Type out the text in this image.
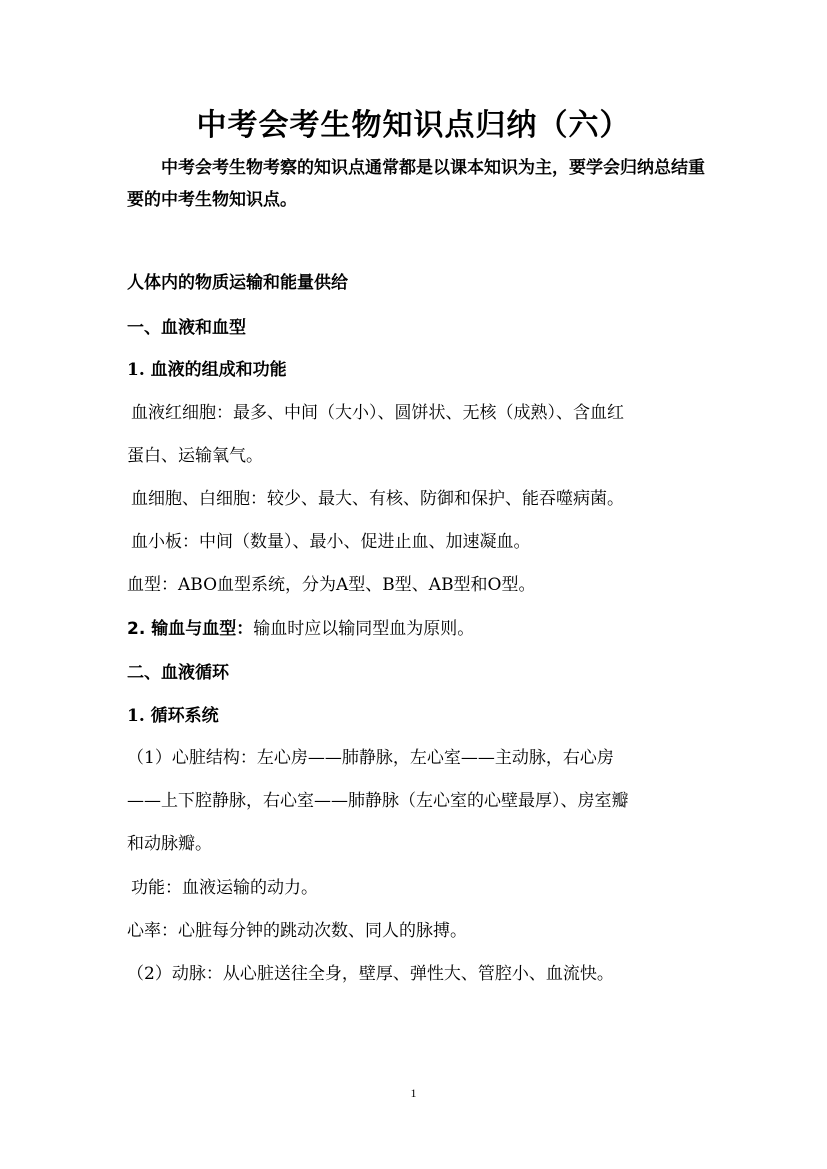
中考会考生物知识点归纳（六）
中考会考生物考察的知识点通常都是以课本知识为主，要学会归纳总结重要的中考生物知识点。
人体内的物质运输和能量供给
一、血液和血型
1. 血液的组成和功能
血液红细胞：最多、中间（大小）、圆饼状、无核（成熟）、含血红
蛋白、运输氧气。
血细胞、白细胞：较少、最大、有核、防御和保护、能吞噬病菌。
血小板：中间（数量）、最小、促进止血、加速凝血。
血型：ABO血型系统，分为A型、B型、AB型和O型。
2. 输血与血型：输血时应以输同型血为原则。
二、血液循环
1. 循环系统
（1）心脏结构：左心房——肺静脉，左心室——主动脉，右心房
——上下腔静脉，右心室——肺静脉（左心室的心壁最厚）、房室瓣
和动脉瓣。
功能：血液运输的动力。
心率：心脏每分钟的跳动次数、同人的脉搏。
（2）动脉：从心脏送往全身，壁厚、弹性大、管腔小、血流快。
1
